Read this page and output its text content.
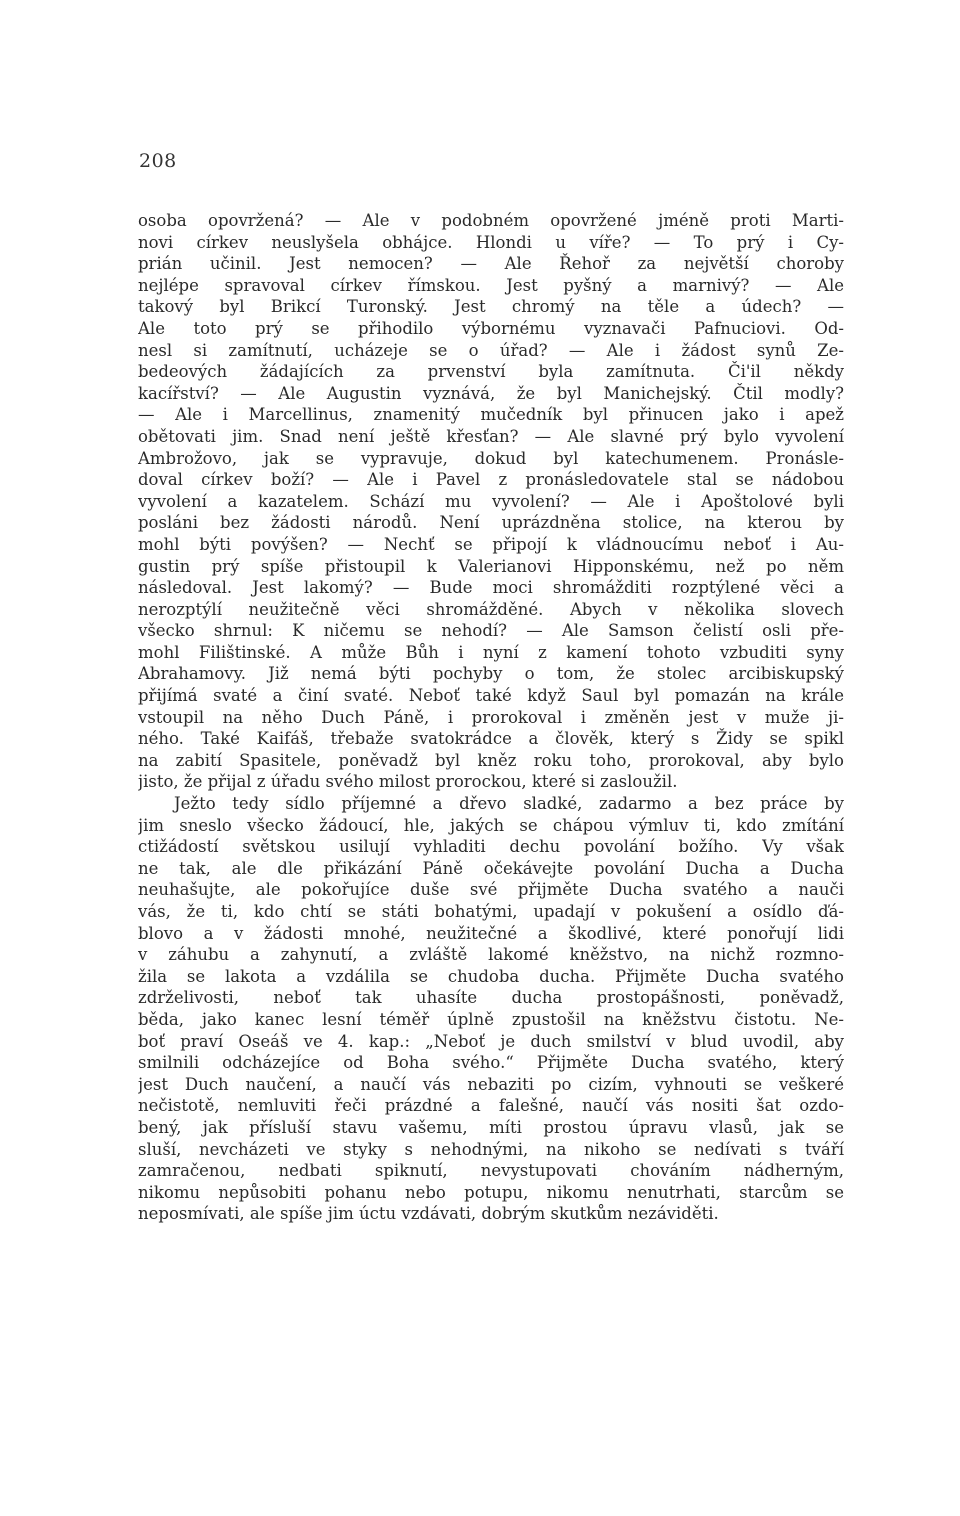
208
osoba opovržená? — Ale v podobném opovržené jméně proti Marti-
novi církev neuslyšela obhájce. Hlondi u víře? — To prý i Cy-
prián učinil. Jest nemocen? — Ale Řehoř za největší choroby
nejlépe spravoval církev římskou. Jest pyšný a marnivý? — Ale
takový byl Brikcí Turonský. Jest chromý na těle a údech? —
Ale toto prý se přihodilo výbornému vyznavači Pafnuciovi. Od-
nesl si zamítnutí, ucházeje se o úřad? — Ale i žádost synů Ze-
bedeových žádajících za prvenství byla zamítnuta. Či'il někdy
kacířství? — Ale Augustin vyznává, že byl Manichejský. Čtil modly?
— Ale i Marcellinus, znamenitý mučedník byl přinucen jako i apež
obětovati jim. Snad není ještě křesťan? — Ale slavné prý bylo vyvolení
Ambrožovo, jak se vypravuje, dokud byl katechumenem. Pronásle-
doval církev boží? — Ale i Pavel z pronásledovatele stal se nádobou
vyvolení a kazatelem. Schází mu vyvolení? — Ale i Apoštolové byli
posláni bez žádosti národů. Není uprázdněna stolice, na kterou by
mohl býti povýšen? — Nechť se připojí k vládnoucímu neboť i Au-
gustin prý spíše přistoupil k Valerianovi Hipponskému, než po něm
následoval. Jest lakomý? — Bude moci shromážditi rozptýlené věci a
nerozptýlí neužitečně věci shromážděné. Abych v několika slovech
všecko shrnul: K ničemu se nehodí? — Ale Samson čelistí osli pře-
mohl Filištinské. A může Bůh i nyní z kamení tohoto vzbuditi syny
Abrahamovy. Již nemá býti pochyby o tom, že stolec arcibiskupský
přijímá svaté a činí svaté. Neboť také když Saul byl pomazán na krále
vstoupil na něho Duch Páně, i prorokoval i změněn jest v muže ji-
ného. Také Kaifáš, třebaže svatokrádce a člověk, který s Židy se spikl
na zabití Spasitele, poněvadž byl kněz roku toho, prorokoval, aby bylo
jisto, že přijal z úřadu svého milost prorockou, které si zasloužil.
Ježto tedy sídlo příjemné a dřevo sladké, zadarmo a bez práce by
jim sneslo všecko žádoucí, hle, jakých se chápou výmluv ti, kdo zmítání
ctižádostí světskou usilují vyhladiti dechu povolání božího. Vy však
ne tak, ale dle přikázání Páně očekávejte povolání Ducha a Ducha
neuhašujte, ale pokořujíce duše své přijměte Ducha svatého a nauči
vás, že ti, kdo chtí se státi bohatými, upadají v pokušení a osídlo ďá-
blovo a v žádosti mnohé, neužitečné a škodlivé, které ponořují lidi
v záhubu a zahynutí, a zvláště lakomé kněžstvo, na nichž rozmno-
žila se lakota a vzdálila se chudoba ducha. Přijměte Ducha svatého
zdrželivosti, neboť tak uhasíte ducha prostopášnosti, poněvadž,
běda, jako kanec lesní téměř úplně zpustošil na kněžstvu čistotu. Ne-
boť praví Oseáš ve 4. kap.: „Neboť je duch smilství v blud uvodil, aby
smilnili odcházejíce od Boha svého.“ Přijměte Ducha svatého, který
jest Duch naučení, a naučí vás nebaziti po cizím, vyhnouti se veškeré
nečistotě, nemluviti řeči prázdné a falešné, naučí vás nositi šat ozdo-
bený, jak přísluší stavu vašemu, míti prostou úpravu vlasů, jak se
sluší, nevcházeti ve styky s nehodnými, na nikoho se nedívati s tváří
zamračenou, nedbati spiknutí, nevystupovati chováním nádherným,
nikomu nepůsobiti pohanu nebo potupu, nikomu nenutrhati, starcům se
neposmívati, ale spíše jim úctu vzdávati, dobrým skutkům nezáviděti.
